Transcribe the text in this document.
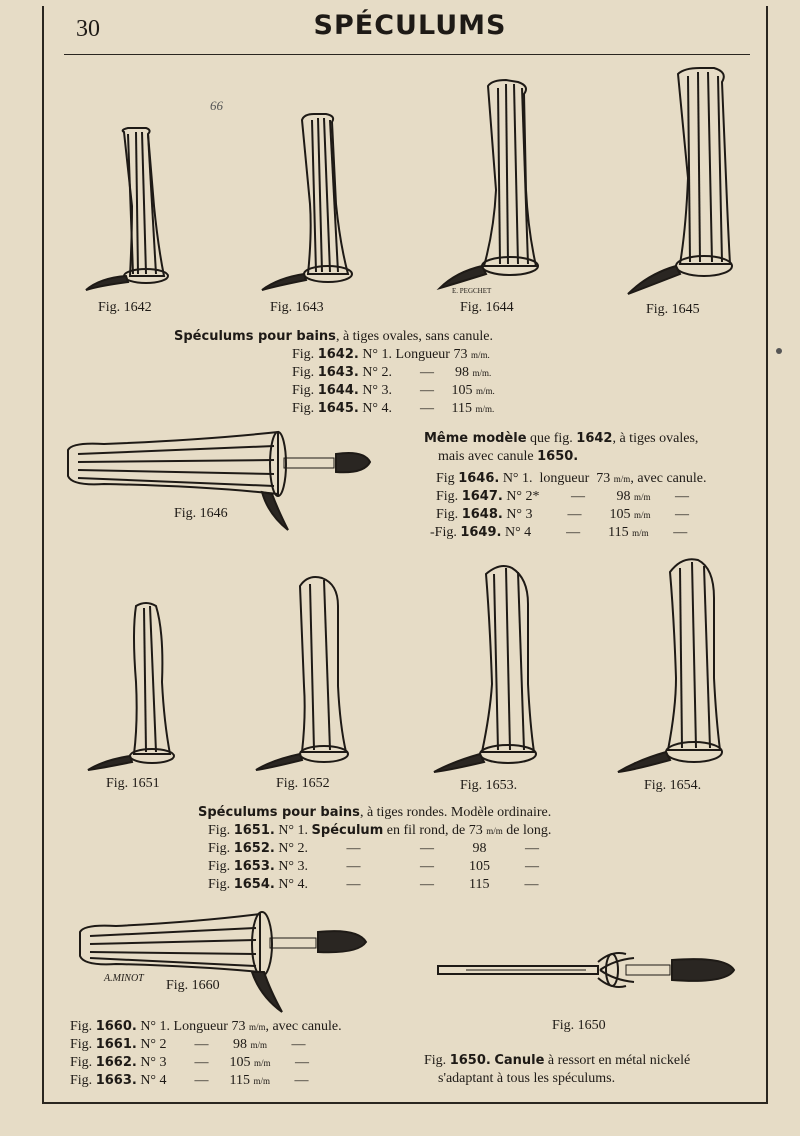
30	SPÉCULUMS
66
E. PEGCHET
Fig. 1642	Fig. 1643	Fig. 1644	Fig. 1645
Spéculums pour bains, à tiges ovales, sans canule.
Fig. 1642. N° 1. Longueur 73 m/m.
Fig. 1643. N° 2.        —      98 m/m.
Fig. 1644. N° 3.        —     105 m/m.
Fig. 1645. N° 4.        —     115 m/m.
Fig. 1646
Même modèle que fig. 1642, à tiges ovales,
mais avec canule 1650.
Fig 1646. N° 1.  longueur  73 m/m, avec canule.
Fig. 1647. N° 2*         —         98 m/m       —
Fig. 1648. N° 3          —        105 m/m       —
-Fig. 1649. N° 4          —        115 m/m       —
Fig. 1651	Fig. 1652	Fig. 1653.	Fig. 1654.
Spéculums pour bains, à tiges rondes. Modèle ordinaire.
Fig. 1651. N° 1. Spéculum en fil rond, de 73 m/m de long.
Fig. 1652. N° 2.           —                 —           98           —
Fig. 1653. N° 3.           —                 —          105          —
Fig. 1654. N° 4.           —                 —          115          —
A.MINOT Fig. 1660
Fig. 1660. N° 1. Longueur 73 m/m, avec canule.
Fig. 1661. N° 2        —       98 m/m       —
Fig. 1662. N° 3        —      105 m/m       —
Fig. 1663. N° 4        —      115 m/m       —
Fig. 1650
Fig. 1650. Canule à ressort en métal nickelé
s'adaptant à tous les spéculums.
